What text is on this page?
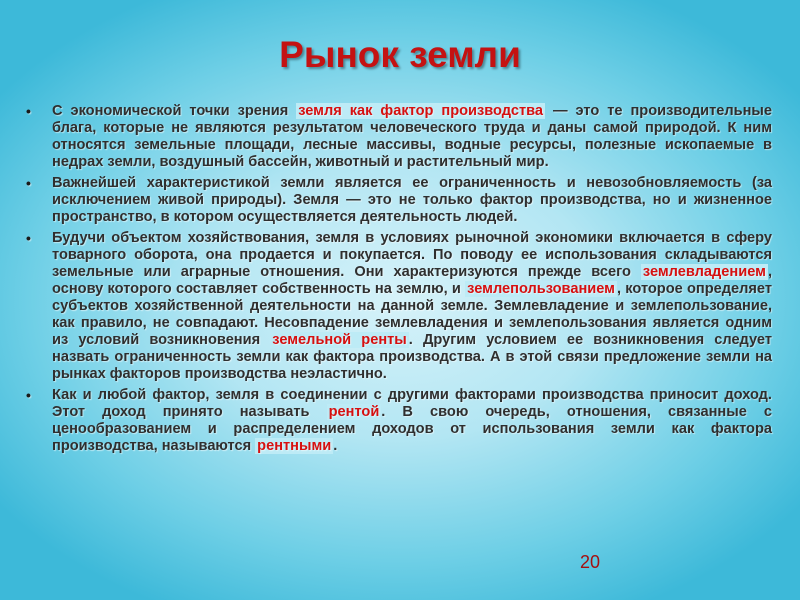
Рынок земли
• С экономической точки зрения земля как фактор производства — это те производительные блага, которые не являются результатом человеческого труда и даны самой природой. К ним относятся земельные площади, лесные массивы, водные ресурсы, полезные ископаемые в недрах земли, воздушный бассейн, животный и растительный мир.
• Важнейшей характеристикой земли является ее ограниченность и невозобновляемость (за исключением живой природы). Земля — это не только фактор производства, но и жизненное пространство, в котором осуществляется деятельность людей.
• Будучи объектом хозяйствования, земля в условиях рыночной экономики включается в сферу товарного оборота, она продается и покупается. По поводу ее использования складываются земельные или аграрные отношения. Они характеризуются прежде всего землевладением , основу которого составляет собственность на землю, и землепользованием , которое определяет субъектов хозяйственной деятельности на данной земле. Землевладение и землепользование, как правило, не совпадают. Несовпадение землевладения и землепользования является одним из условий возникновения земельной ренты . Другим условием ее возникновения следует назвать ограниченность земли как фактора производства. А в этой связи предложение земли на рынках факторов производства неэластично.
• Как и любой фактор, земля в соединении с другими факторами производства приносит доход. Этот доход принято называть рентой . В свою очередь, отношения, связанные с ценообразованием и распределением доходов от использования земли как фактора производства, называются рентными .
20
